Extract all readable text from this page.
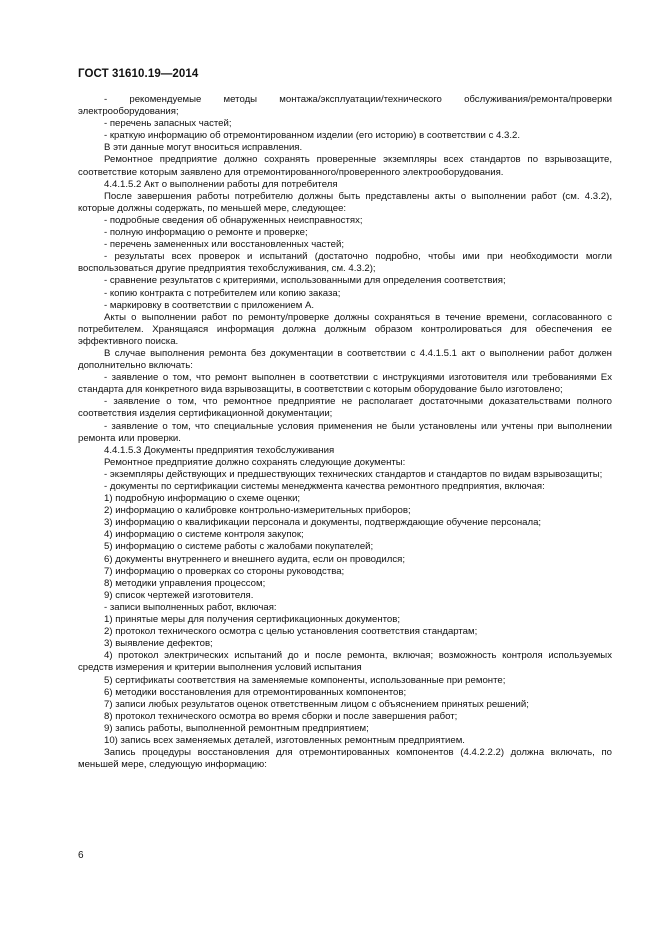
ГОСТ 31610.19—2014

- рекомендуемые методы монтажа/эксплуатации/технического обслуживания/ремонта/проверки электрооборудования;

- перечень запасных частей;

- краткую информацию об отремонтированном изделии (его историю) в соответствии с 4.3.2.

В эти данные могут вноситься исправления.

Ремонтное предприятие должно сохранять проверенные экземпляры всех стандартов по взрывозащите, соответствие которым заявлено для отремонтированного/проверенного электрооборудования.

4.4.1.5.2 Акт о выполнении работы для потребителя

После завершения работы потребителю должны быть представлены акты о выполнении работ (см. 4.3.2), которые должны содержать, по меньшей мере, следующее:

- подробные сведения об обнаруженных неисправностях;

- полную информацию о ремонте и проверке;

- перечень замененных или восстановленных частей;

- результаты всех проверок и испытаний (достаточно подробно, чтобы ими при необходимости могли воспользоваться другие предприятия техобслуживания, см. 4.3.2);

- сравнение результатов с критериями, использованными для определения соответствия;

- копию контракта с потребителем или копию заказа;

- маркировку в соответствии с приложением А.

Акты о выполнении работ по ремонту/проверке должны сохраняться в течение времени, согласованного с потребителем. Хранящаяся информация должна должным образом контролироваться для обеспечения ее эффективного поиска.

В случае выполнения ремонта без документации в соответствии с 4.4.1.5.1 акт о выполнении работ должен дополнительно включать:

- заявление о том, что ремонт выполнен в соответствии с инструкциями изготовителя или требованиями Ex стандарта для конкретного вида взрывозащиты, в соответствии с которым оборудование было изготовлено;

- заявление о том, что ремонтное предприятие не располагает достаточными доказательствами полного соответствия изделия сертификационной документации;

- заявление о том, что специальные условия применения не были установлены или учтены при выполнении ремонта или проверки.

4.4.1.5.3 Документы предприятия техобслуживания

Ремонтное предприятие должно сохранять следующие документы:

- экземпляры действующих и предшествующих технических стандартов и стандартов по видам взрывозащиты;

- документы по сертификации системы менеджмента качества ремонтного предприятия, включая:

1) подробную информацию о схеме оценки;

2) информацию о калибровке контрольно-измерительных приборов;

3) информацию о квалификации персонала и документы, подтверждающие обучение персонала;

4) информацию о системе контроля закупок;

5) информацию о системе работы с жалобами покупателей;

6) документы внутреннего и внешнего аудита, если он проводился;

7) информацию о проверках со стороны руководства;

8) методики управления процессом;

9) список чертежей изготовителя.

- записи выполненных работ, включая:

1) принятые меры для получения сертификационных документов;

2) протокол технического осмотра с целью установления соответствия стандартам;

3) выявление дефектов;

4) протокол электрических испытаний до и после ремонта, включая; возможность контроля используемых средств измерения и критерии выполнения условий испытания

5) сертификаты соответствия на заменяемые компоненты, использованные при ремонте;

6) методики восстановления для отремонтированных компонентов;

7) записи любых результатов оценок ответственным лицом с объяснением принятых решений;

8) протокол технического осмотра во время сборки и после завершения работ;

9) запись работы, выполненной ремонтным предприятием;

10) запись всех заменяемых деталей, изготовленных ремонтным предприятием.

Запись процедуры восстановления для отремонтированных компонентов (4.4.2.2.2) должна включать, по меньшей мере, следующую информацию:

6
